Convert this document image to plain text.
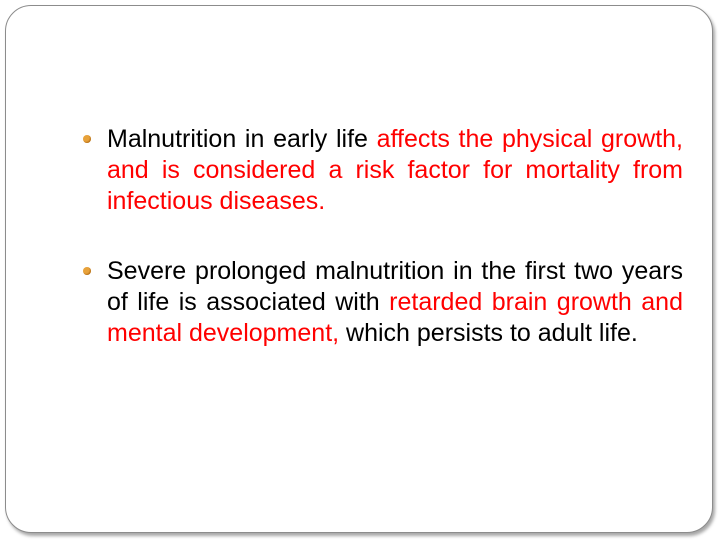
Malnutrition in early life affects the physical growth, and is considered a risk factor for mortality from infectious diseases.
Severe prolonged malnutrition in the first two years of life is associated with retarded brain growth and mental development, which persists to adult life.
